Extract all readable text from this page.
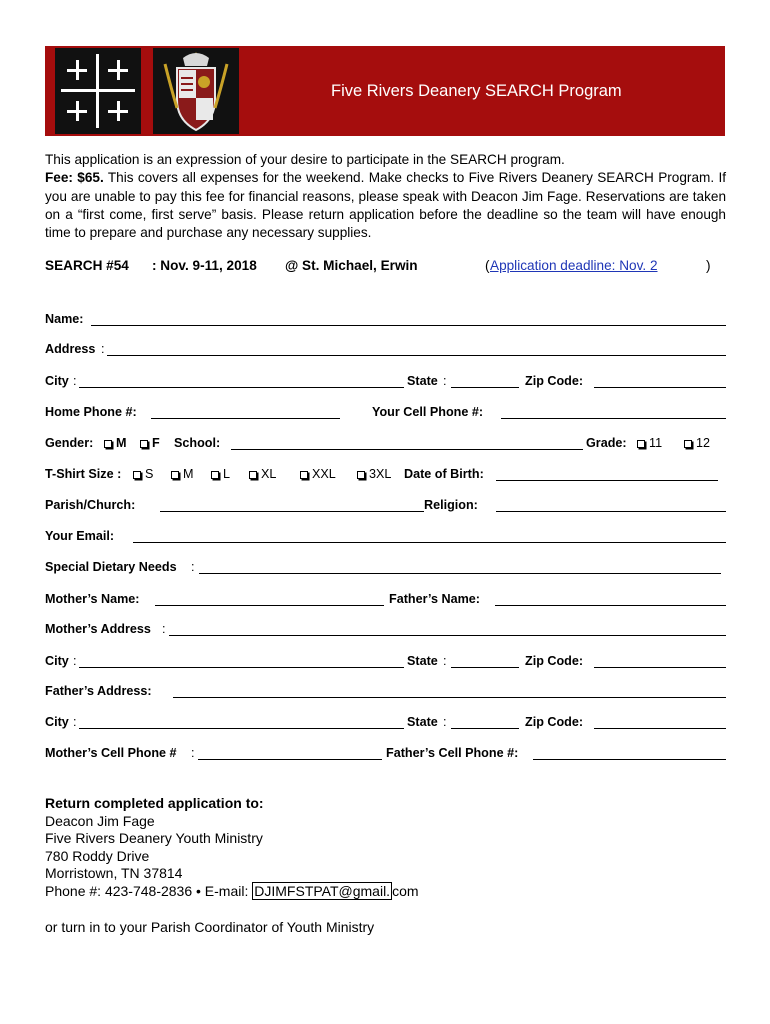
Five Rivers Deanery SEARCH Program
This application is an expression of your desire to participate in the SEARCH program.
Fee: $65. This covers all expenses for the weekend. Make checks to Five Rivers Deanery SEARCH Program. If you are unable to pay this fee for financial reasons, please speak with Deacon Jim Fage. Reservations are taken on a “first come, first serve” basis. Please return application before the deadline so the team will have enough time to prepare and purchase any necessary supplies.
SEARCH #54 : Nov. 9-11, 2018 @ St. Michael, Erwin	( Application deadline: Nov. 2	)
Name:
Address :
City :	State :	Zip Code:
Home Phone #:	Your Cell Phone #:
Gender:	M	F School:	Grade:	11	12
T-Shirt Size :	S	M	L	XL	XXL	3XL Date of Birth:
Parish/Church:	Religion:
Your Email:
Special Dietary Needs :
Mother’s Name:	Father’s Name:
Mother’s Address :
City :	State :	Zip Code:
Father’s Address:
City :	State :	Zip Code:
Mother’s Cell Phone # :	Father’s Cell Phone #:
Return completed application to:
Deacon Jim Fage
Five Rivers Deanery Youth Ministry
780 Roddy Drive
Morristown, TN 37814
Phone #: 423-748-2836 • E-mail: DJIMFSTPAT@gmail. com
or turn in to your Parish Coordinator of Youth Ministry
